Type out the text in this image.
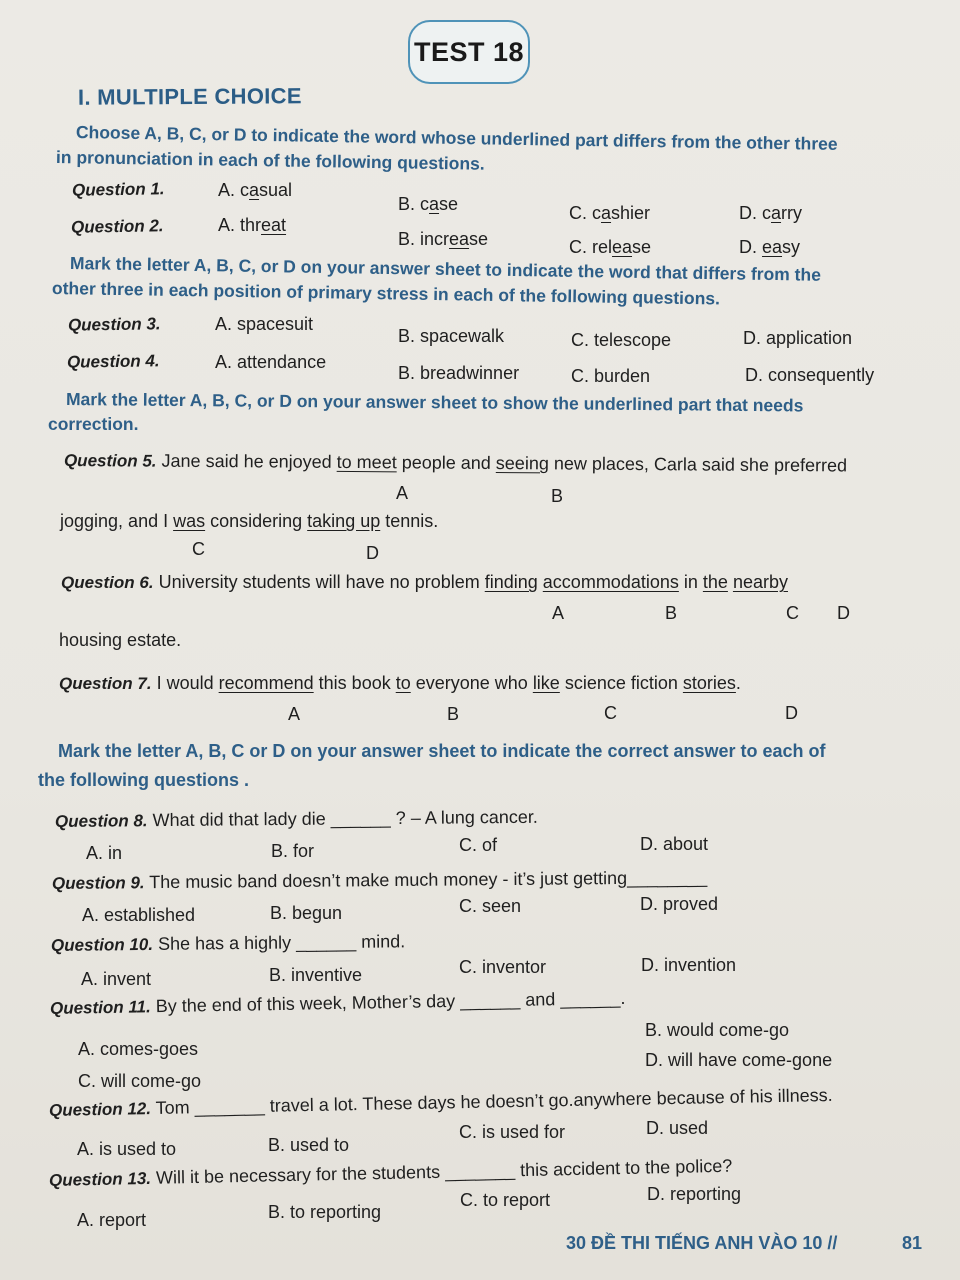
TEST 18
I. MULTIPLE CHOICE
Choose A, B, C, or D to indicate the word whose underlined part differs from the other three
in pronunciation in each of the following questions.
Question 1.	A. casual
B. case	C. cashier	D. carry
Question 2.	A. threat
B. increase	C. release	D. easy
Mark the letter A, B, C, or D on your answer sheet to indicate the word that differs from the
other three in each position of primary stress in each of the following questions.
Question 3.	A. spacesuit
B. spacewalk	C. telescope	D. application
Question 4.	A. attendance
B. breadwinner	C. burden	D. consequently
Mark the letter A, B, C, or D on your answer sheet to show the underlined part that needs
correction.
Question 5. Jane said he enjoyed to meet people and seeing new places, Carla said she preferred
A	B
jogging, and I was considering taking up tennis.
C	D
Question 6. University students will have no problem finding accommodations in the nearby
A	B	C D
housing estate.
Question 7. I would recommend this book to everyone who like science fiction stories.
A	B	C	D
Mark the letter A, B, C or D on your answer sheet to indicate the correct answer to each of
the following questions .
Question 8. What did that lady die ______ ? – A lung cancer.
A. in	B. for	C. of	D. about
Question 9. The music band doesn’t make much money - it’s just getting________
A. established	B. begun	C. seen	D. proved
Question 10. She has a highly ______ mind.
A. invent	B. inventive	C. inventor	D. invention
Question 11. By the end of this week, Mother’s day ______ and ______.
B. would come-go
A. comes-goes
D. will have come-gone
C. will come-go
Question 12. Tom _______ travel a lot. These days he doesn’t go.anywhere because of his illness.
A. is used to	B. used to
C. is used for	D. used
Question 13. Will it be necessary for the students _______ this accident to the police?
A. report	B. to reporting
C. to report	D. reporting
30 ĐỀ THI TIẾNG ANH VÀO 10 //	81
